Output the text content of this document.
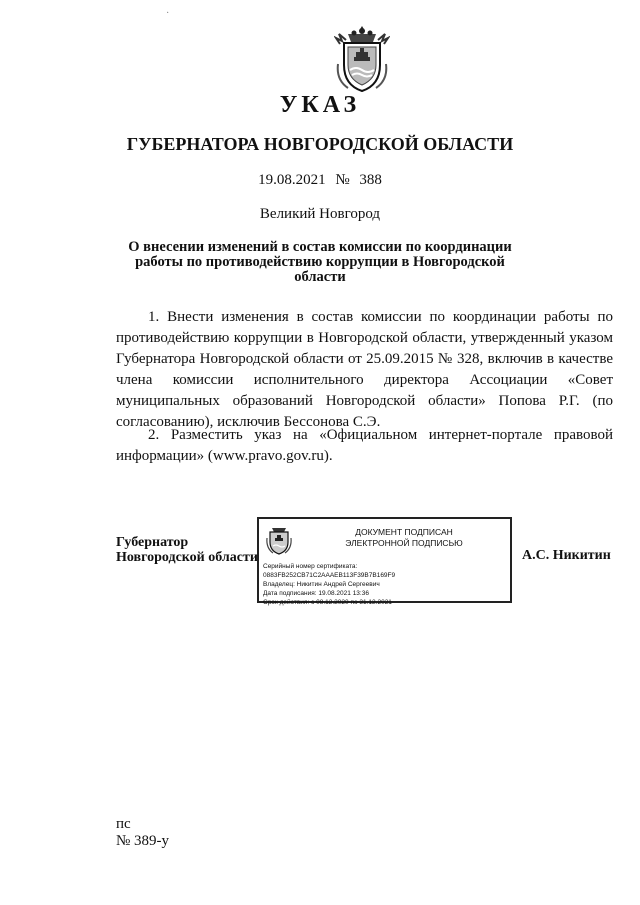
·
УКАЗ
ГУБЕРНАТОРА НОВГОРОДСКОЙ ОБЛАСТИ
19.08.2021 № 388
Великий Новгород
О внесении изменений в состав комиссии по координации работы по противодействию коррупции в Новгородской области
1. Внести изменения в состав комиссии по координации работы по противодействию коррупции в Новгородской области, утвержденный указом Губернатора Новгородской области от 25.09.2015 № 328, включив в качестве члена комиссии исполнительного директора Ассоциации «Совет муниципальных образований Новгородской области» Попова Р.Г. (по согласованию), исключив Бессонова С.Э.
2. Разместить указ на «Официальном интернет-портале правовой информации» (www.pravo.gov.ru).
Губернатор
Новгородской области
ДОКУМЕНТ ПОДПИСАН
ЭЛЕКТРОННОЙ ПОДПИСЬЮ
Серийный номер сертификата:
0883FB252CB71C2AAAEB113F39B7B169F9
Владелец: Никитин Андрей Сергеевич
Дата подписания: 19.08.2021 13:36
Срок действия: с 08.12.2020 по 31.12.2021
А.С. Никитин
пс
№ 389-у
